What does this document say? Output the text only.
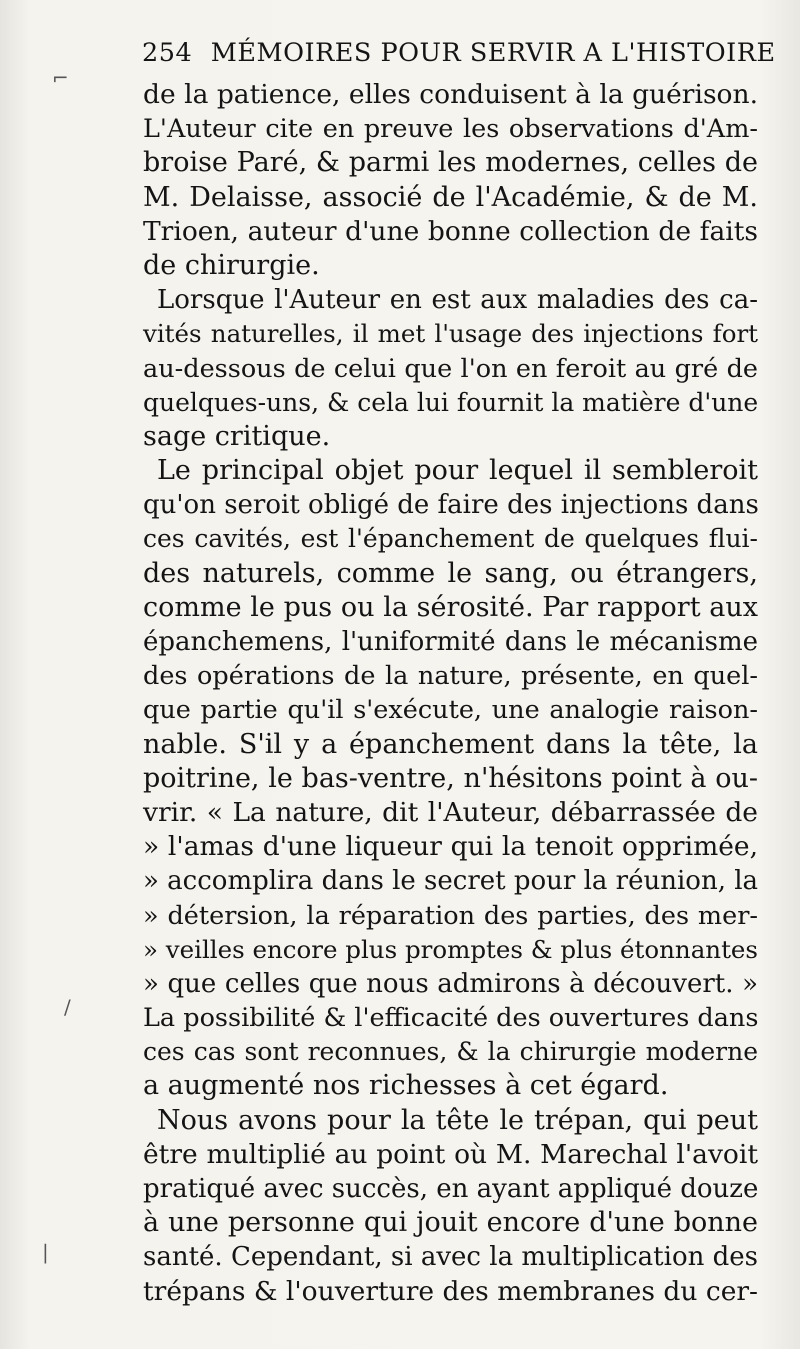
⌐
/
|
254 MÉMOIRES POUR SERVIR A L'HISTOIRE
de la patience, elles conduisent à la guérison.
L'Auteur cite en preuve les observations d'Am-
broise Paré, & parmi les modernes, celles de
M. Delaisse, associé de l'Académie, & de M.
Trioen, auteur d'une bonne collection de faits
de chirurgie.
Lorsque l'Auteur en est aux maladies des ca-
vités naturelles, il met l'usage des injections fort
au-dessous de celui que l'on en feroit au gré de
quelques-uns, & cela lui fournit la matière d'une
sage critique.
Le principal objet pour lequel il sembleroit
qu'on seroit obligé de faire des injections dans
ces cavités, est l'épanchement de quelques flui-
des naturels, comme le sang, ou étrangers,
comme le pus ou la sérosité. Par rapport aux
épanchemens, l'uniformité dans le mécanisme
des opérations de la nature, présente, en quel-
que partie qu'il s'exécute, une analogie raison-
nable. S'il y a épanchement dans la tête, la
poitrine, le bas-ventre, n'hésitons point à ou-
vrir. « La nature, dit l'Auteur, débarrassée de
» l'amas d'une liqueur qui la tenoit opprimée,
» accomplira dans le secret pour la réunion, la
» détersion, la réparation des parties, des mer-
» veilles encore plus promptes & plus étonnantes
» que celles que nous admirons à découvert. »
La possibilité & l'efficacité des ouvertures dans
ces cas sont reconnues, & la chirurgie moderne
a augmenté nos richesses à cet égard.
Nous avons pour la tête le trépan, qui peut
être multiplié au point où M. Marechal l'avoit
pratiqué avec succès, en ayant appliqué douze
à une personne qui jouit encore d'une bonne
santé. Cependant, si avec la multiplication des
trépans & l'ouverture des membranes du cer-
